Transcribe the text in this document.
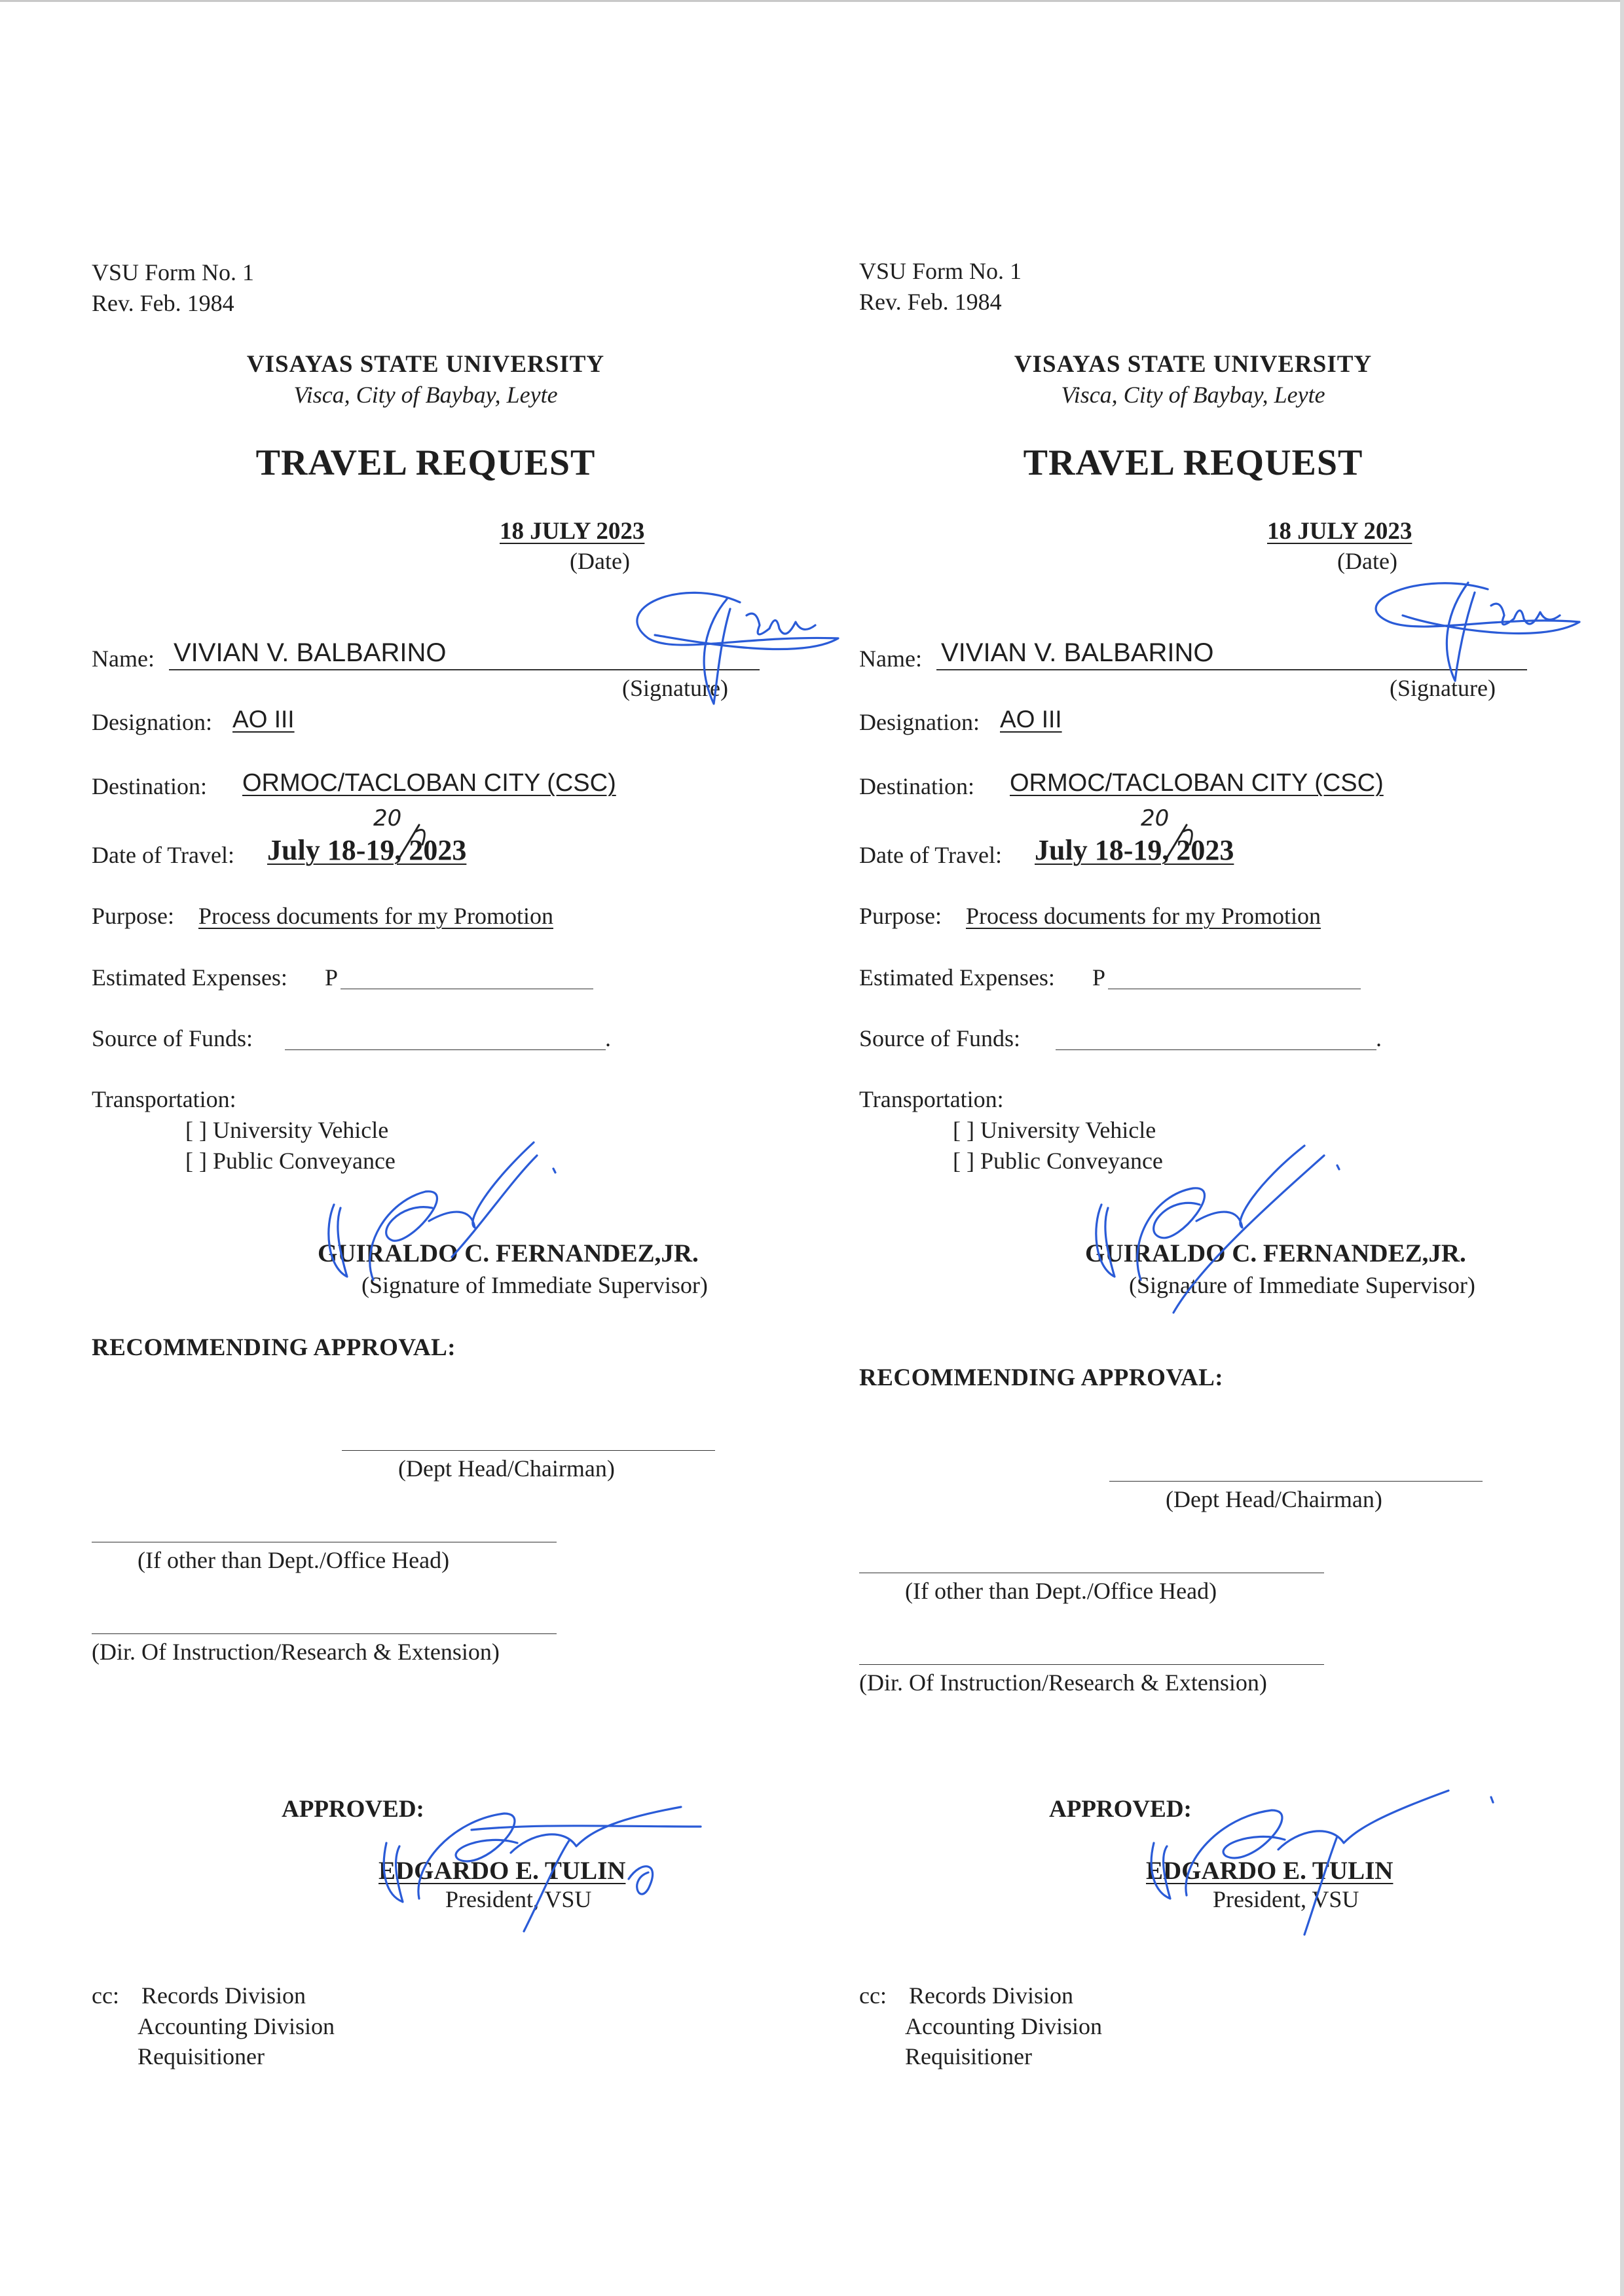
VSU Form No. 1
Rev. Feb. 1984
VISAYAS STATE UNIVERSITY
Visca, City of Baybay, Leyte
TRAVEL REQUEST
18 JULY 2023
(Date)
Name: VIVIAN V. BALBARINO
(Signature)
Designation: AO III
Destination: ORMOC/TACLOBAN CITY (CSC)
Date of Travel: July 18-19, 2023
20
Purpose: Process documents for my Promotion
Estimated Expenses: P
Source of Funds:	.
Transportation:
[ ] University Vehicle
[ ] Public Conveyance
GUIRALDO C. FERNANDEZ,JR.
(Signature of Immediate Supervisor)
RECOMMENDING APPROVAL:
(Dept Head/Chairman)
(If other than Dept./Office Head)
(Dir. Of Instruction/Research & Extension)
APPROVED:
EDGARDO E. TULIN
President, VSU
cc: Records Division
Accounting Division
Requisitioner
VSU Form No. 1
Rev. Feb. 1984
VISAYAS STATE UNIVERSITY
Visca, City of Baybay, Leyte
TRAVEL REQUEST
18 JULY 2023
(Date)
Name: VIVIAN V. BALBARINO
(Signature)
Designation: AO III
Destination: ORMOC/TACLOBAN CITY (CSC)
Date of Travel: July 18-19, 2023
20
Purpose: Process documents for my Promotion
Estimated Expenses: P
Source of Funds:	.
Transportation:
[ ] University Vehicle
[ ] Public Conveyance
GUIRALDO C. FERNANDEZ,JR.
(Signature of Immediate Supervisor)
RECOMMENDING APPROVAL:
(Dept Head/Chairman)
(If other than Dept./Office Head)
(Dir. Of Instruction/Research & Extension)
APPROVED:
EDGARDO E. TULIN
President, VSU
cc: Records Division
Accounting Division
Requisitioner
